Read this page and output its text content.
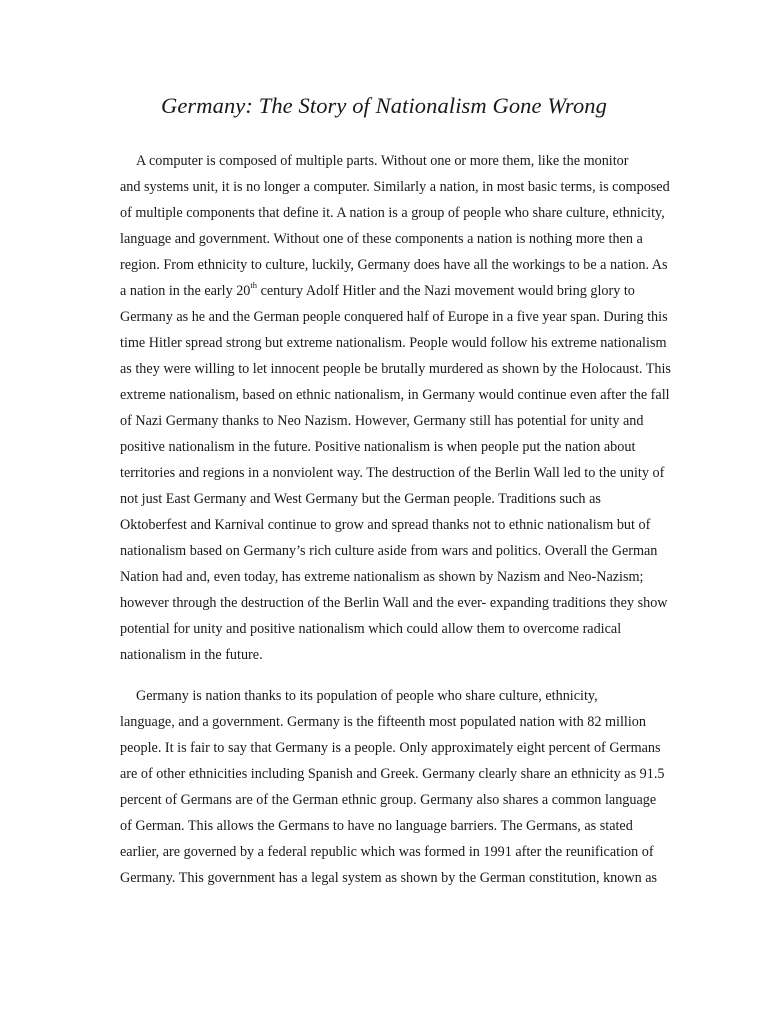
Germany: The Story of Nationalism Gone Wrong
A computer is composed of multiple parts. Without one or more them, like the monitor
and systems unit, it is no longer a computer. Similarly a nation, in most basic terms, is composed
of multiple components that define it. A nation is a group of people who share culture, ethnicity,
language and government. Without one of these components a nation is nothing more then a
region. From ethnicity to culture, luckily, Germany does have all the workings to be a nation. As
a nation in the early 20th century Adolf Hitler and the Nazi movement would bring glory to
Germany as he and the German people conquered half of Europe in a five year span. During this
time Hitler spread strong but extreme nationalism. People would follow his extreme nationalism
as they were willing to let innocent people be brutally murdered as shown by the Holocaust. This
extreme nationalism, based on ethnic nationalism, in Germany would continue even after the fall
of Nazi Germany thanks to Neo Nazism. However, Germany still has potential for unity and
positive nationalism in the future. Positive nationalism is when people put the nation about
territories and regions in a nonviolent way. The destruction of the Berlin Wall led to the unity of
not just East Germany and West Germany but the German people. Traditions such as
Oktoberfest and Karnival continue to grow and spread thanks not to ethnic nationalism but of
nationalism based on Germany’s rich culture aside from wars and politics. Overall the German
Nation had and, even today, has extreme nationalism as shown by Nazism and Neo-Nazism;
however through the destruction of the Berlin Wall and the ever- expanding traditions they show
potential for unity and positive nationalism which could allow them to overcome radical
nationalism in the future.
Germany is nation thanks to its population of people who share culture, ethnicity,
language, and a government. Germany is the fifteenth most populated nation with 82 million
people. It is fair to say that Germany is a people. Only approximately eight percent of Germans
are of other ethnicities including Spanish and Greek. Germany clearly share an ethnicity as 91.5
percent of Germans are of the German ethnic group. Germany also shares a common language
of German. This allows the Germans to have no language barriers. The Germans, as stated
earlier, are governed by a federal republic which was formed in 1991 after the reunification of
Germany. This government has a legal system as shown by the German constitution, known as
